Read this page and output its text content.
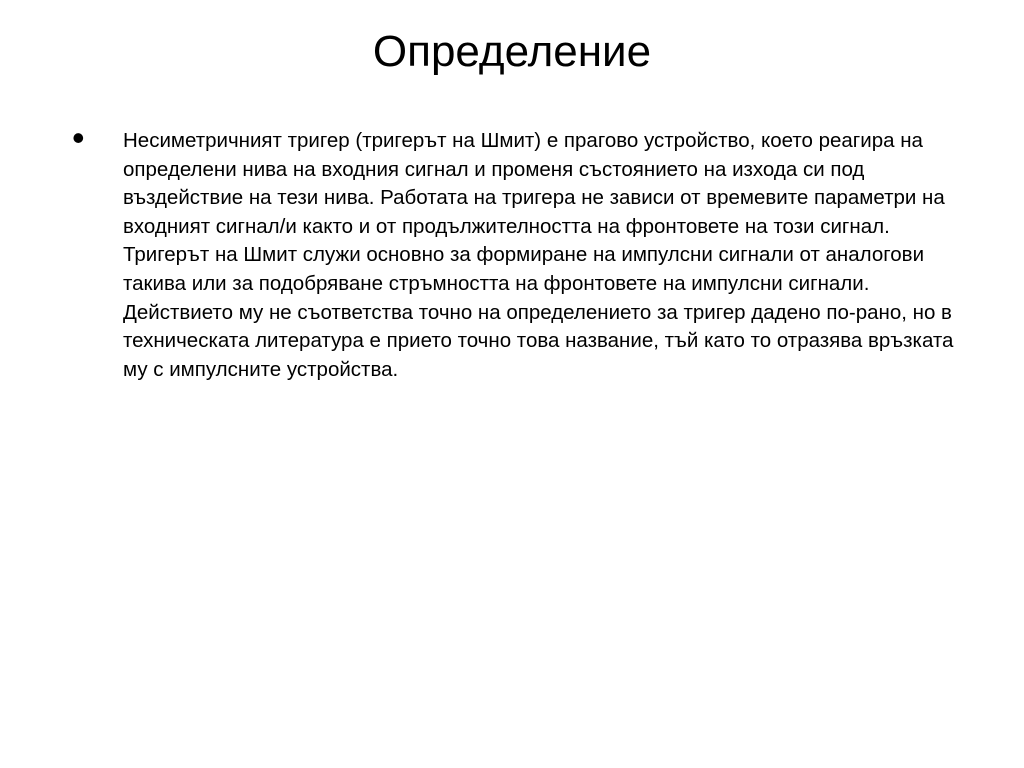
Определение
• Несиметричният тригер (тригерът на Шмит) е прагово устройство, което реагира на определени нива на входния сигнал и променя състоянието на изхода си под въздействие на тези нива. Работата на тригера не зависи от времевите параметри на входният сигнал/и както и от продължителността на фронтовете на този сигнал. Тригерът на Шмит служи основно за формиране на импулсни сигнали от аналогови такива или за подобряване стръмността на фронтовете на импулсни сигнали. Действието му не съответства точно на определението за тригер дадено по-рано, но в техническата литература е прието точно това название, тъй като то отразява връзката му с импулсните устройства.
